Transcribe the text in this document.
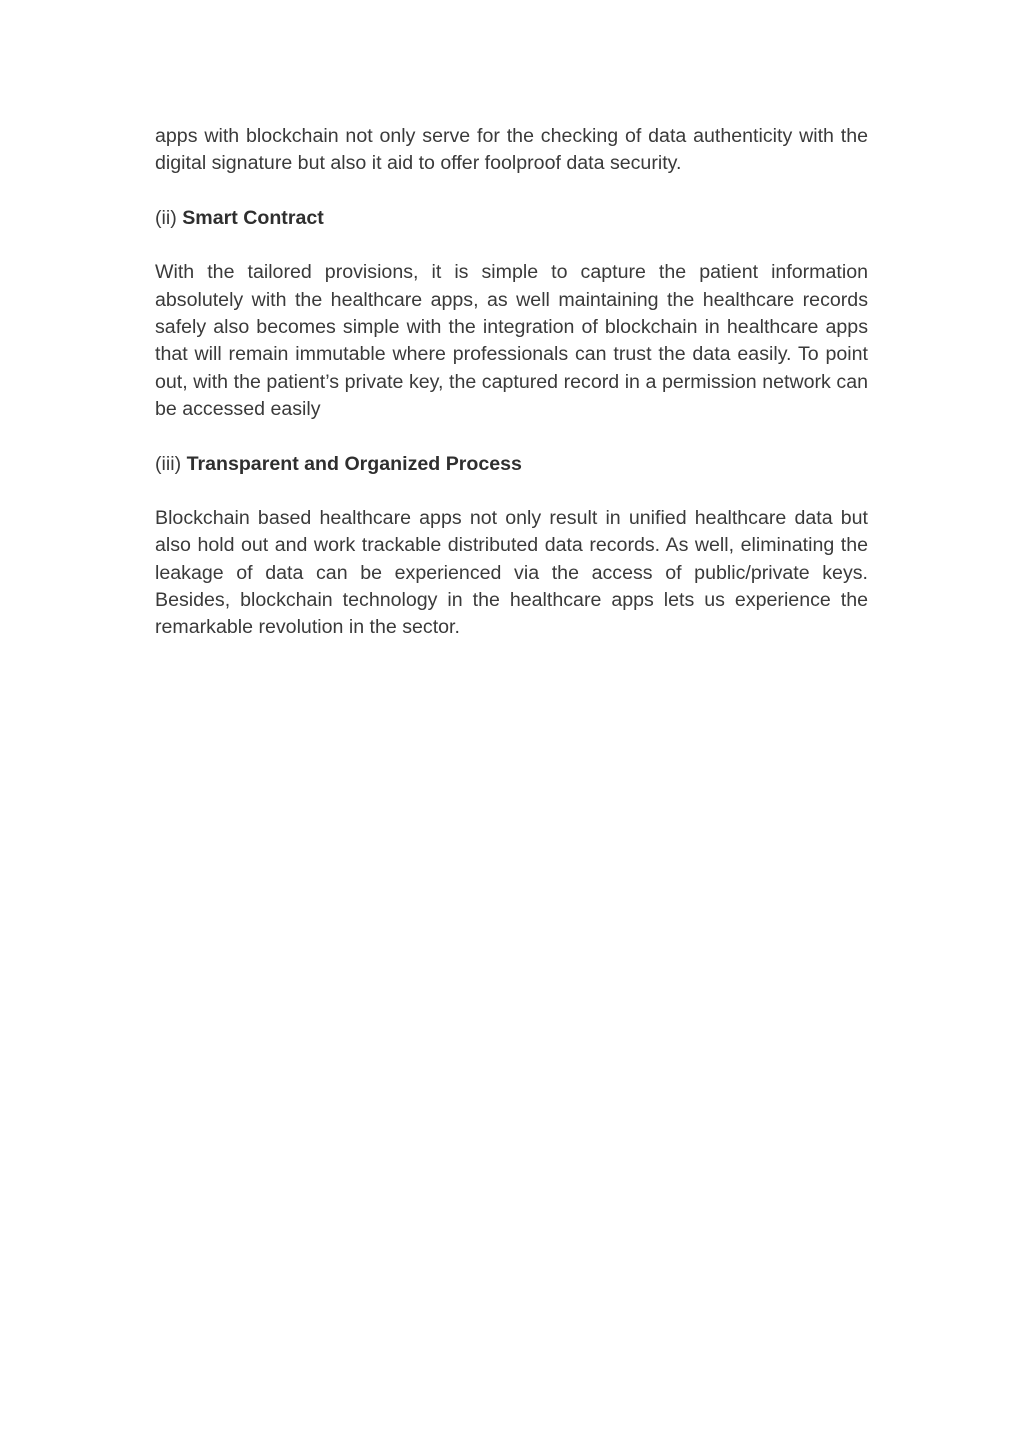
apps with blockchain not only serve for the checking of data authenticity with the digital signature but also it aid to offer foolproof data security.

(ii) Smart Contract

With the tailored provisions, it is simple to capture the patient information absolutely with the healthcare apps, as well maintaining the healthcare records safely also becomes simple with the integration of blockchain in healthcare apps that will remain immutable where professionals can trust the data easily. To point out, with the patient’s private key, the captured record in a permission network can be accessed easily

(iii) Transparent and Organized Process

Blockchain based healthcare apps not only result in unified healthcare data but also hold out and work trackable distributed data records. As well, eliminating the leakage of data can be experienced via the access of public/private keys. Besides, blockchain technology in the healthcare apps lets us experience the remarkable revolution in the sector.
